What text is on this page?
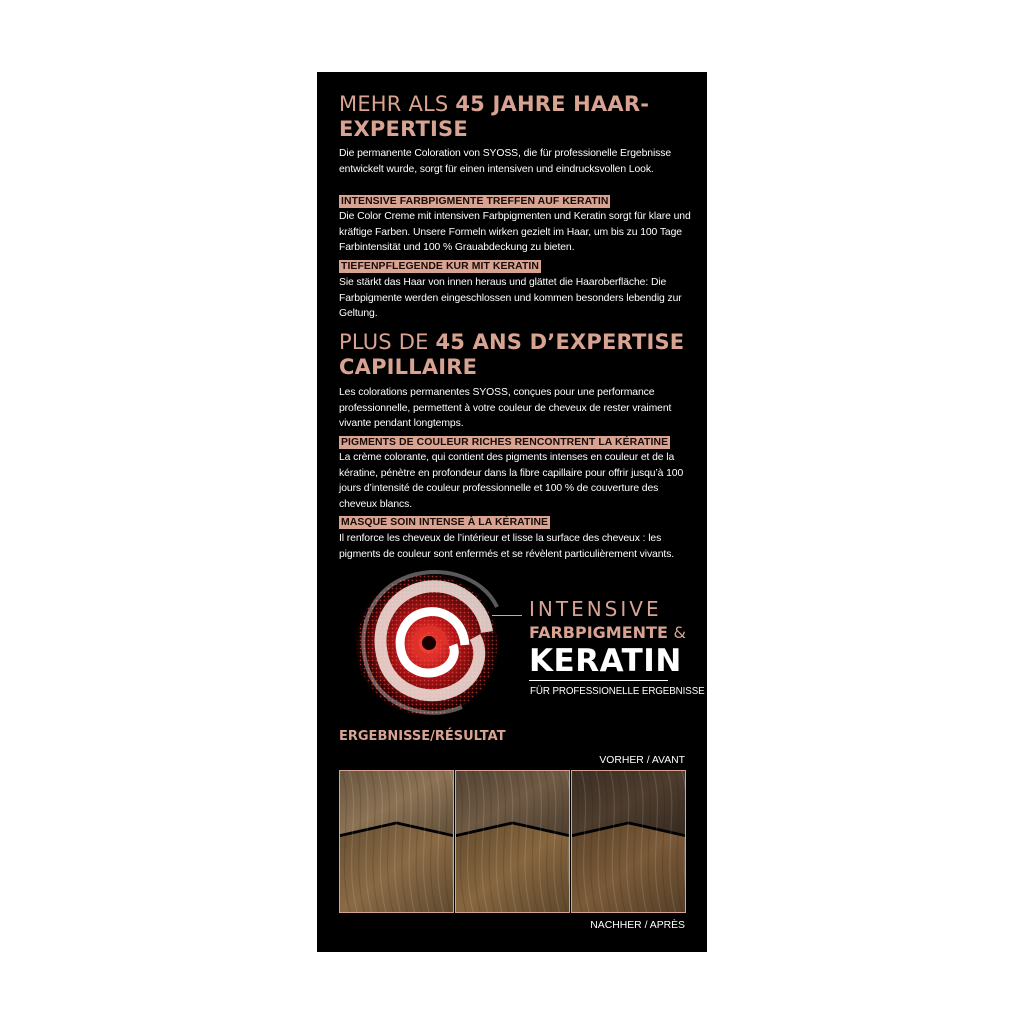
MEHR ALS 45 JAHRE HAAR-
EXPERTISE

Die permanente Coloration von SYOSS, die für professionelle Ergebnisse entwickelt wurde, sorgt für einen intensiven und eindrucksvollen Look.

INTENSIVE FARBPIGMENTE TREFFEN AUF KERATIN

Die Color Creme mit intensiven Farbpigmenten und Keratin sorgt für klare und kräftige Farben. Unsere Formeln wirken gezielt im Haar, um bis zu 100 Tage Farbintensität und 100 % Grauabdeckung zu bieten.

TIEFENPFLEGENDE KUR MIT KERATIN

Sie stärkt das Haar von innen heraus und glättet die Haaroberfläche: Die Farbpigmente werden eingeschlossen und kommen besonders lebendig zur Geltung.

PLUS DE 45 ANS D’EXPERTISE
CAPILLAIRE

Les colorations permanentes SYOSS, conçues pour une performance professionnelle, permettent à votre couleur de cheveux de rester vraiment vivante pendant longtemps.

PIGMENTS DE COULEUR RICHES RENCONTRENT LA KÉRATINE

La crème colorante, qui contient des pigments intenses en couleur et de la kératine, pénètre en profondeur dans la fibre capillaire pour offrir jusqu’à 100 jours d’intensité de couleur professionnelle et 100 % de couverture des cheveux blancs.

MASQUE SOIN INTENSE À LA KÉRATINE

Il renforce les cheveux de l’intérieur et lisse la surface des cheveux : les pigments de couleur sont enfermés et se révèlent particulièrement vivants.

INTENSIVE

FARBPIGMENTE &

KERATIN

FÜR PROFESSIONELLE ERGEBNISSE

ERGEBNISSE/RÉSULTAT

VORHER / AVANT

NACHHER / APRÈS
